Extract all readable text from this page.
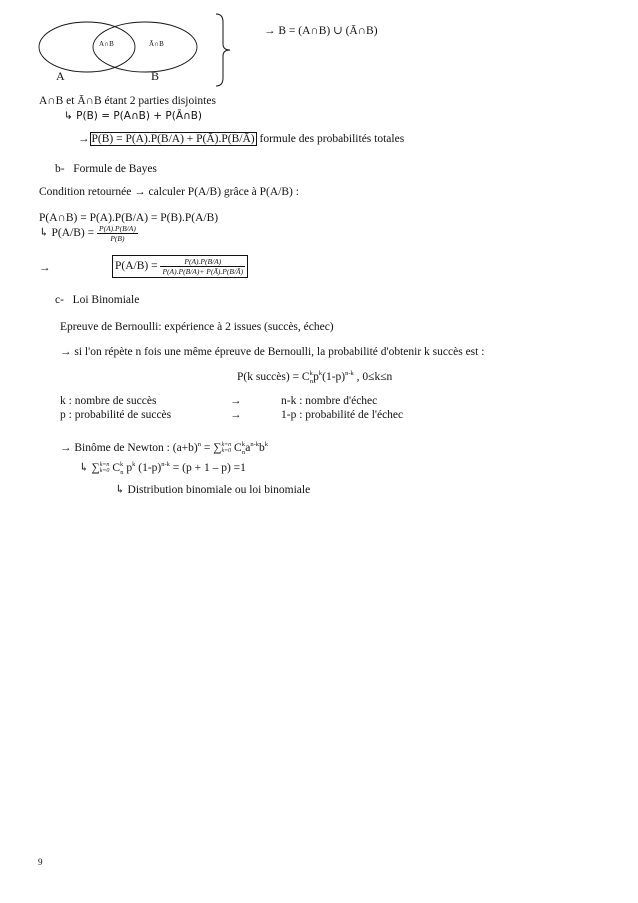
A∩B	Ā∩B
A	B
→ B = (A∩B) ∪ (Ā∩B)
A∩B et Ā∩B étant 2 parties disjointes
↳ P(B) = P(A∩B) + P(Ā∩B)
→ P(B) = P(A).P(B/A) + P(Ā).P(B/Ā) formule des probabilités totales
b- Formule de Bayes
Condition retournée → calculer P(A/B) grâce à P(A/B) :
P(A∩B) = P(A).P(B/A) = P(B).P(A/B)
↳ $P(A/B) = \frac{P(A).P(B/A)}{P(B)}$
→	$P(A/B) = \frac{P(A).P(B/A)}{P(A).P(B/A)+ P(Ā).P(B/Ā)}$
c- Loi Binomiale
Epreuve de Bernoulli: expérience à 2 issues (succès, échec)
→ si l'on répète n fois une même épreuve de Bernoulli, la probabilité d'obtenir k succès est :
P(k succès) = $C^k_np^k(1-p)^{n-k}$ , 0≤k≤n
k : nombre de succès	→	n-k : nombre d'échec
p : probabilité de succès	→	1-p : probabilité de l'échec
→ Binôme de Newton : $(a+b)^n$ = ∑ k=n
k=0 $C^k_na^{n-k}b^k$
↳ ∑ k=n
k=0 $C^k_n$ $p^k$ $(1-p)^{n-k} = (p + 1 - p) =1$
↳ Distribution binomiale ou loi binomiale
9
